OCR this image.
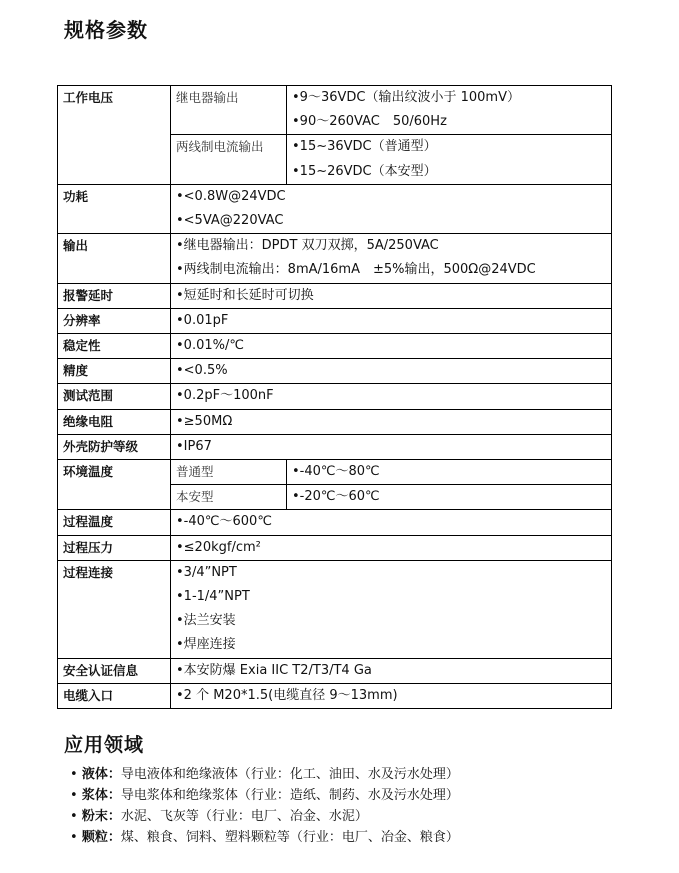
规格参数
工作电压	继电器输出	•9～36VDC（输出纹波小于 100mV）
•90～260VAC　50/60Hz

	两线制电流输出	•15~36VDC（普通型）
•15~26VDC（本安型）

功耗	•<0.8W@24VDC
•<5VA@220VAC	

输出	•继电器输出：DPDT 双刀双掷，5A/250VAC
•两线制电流输出：8mA/16mA　±5%输出，500Ω@24VDC	

报警延时	•短延时和长延时可切换	
分辨率	•0.01pF	
稳定性	•0.01%/℃	
精度	•<0.5%	
测试范围	•0.2pF～100nF	
绝缘电阻	•≥50MΩ	
外壳防护等级	•IP67	
环境温度	普通型	•-40℃～80℃
	本安型	•-20℃～60℃
过程温度	•-40℃～600℃	
过程压力	•≤20kgf/cm²	
过程连接	•3/4”NPT
•1-1/4”NPT
•法兰安装
•焊座连接	

安全认证信息	•本安防爆 Exia IIC T2/T3/T4 Ga	
电缆入口	•2 个 M20*1.5(电缆直径 9～13mm)	
应用领域
• 液体：导电液体和绝缘液体（行业：化工、油田、水及污水处理）
• 浆体：导电浆体和绝缘浆体（行业：造纸、制药、水及污水处理）
• 粉末：水泥、飞灰等（行业：电厂、冶金、水泥）
• 颗粒：煤、粮食、饲料、塑料颗粒等（行业：电厂、冶金、粮食）
